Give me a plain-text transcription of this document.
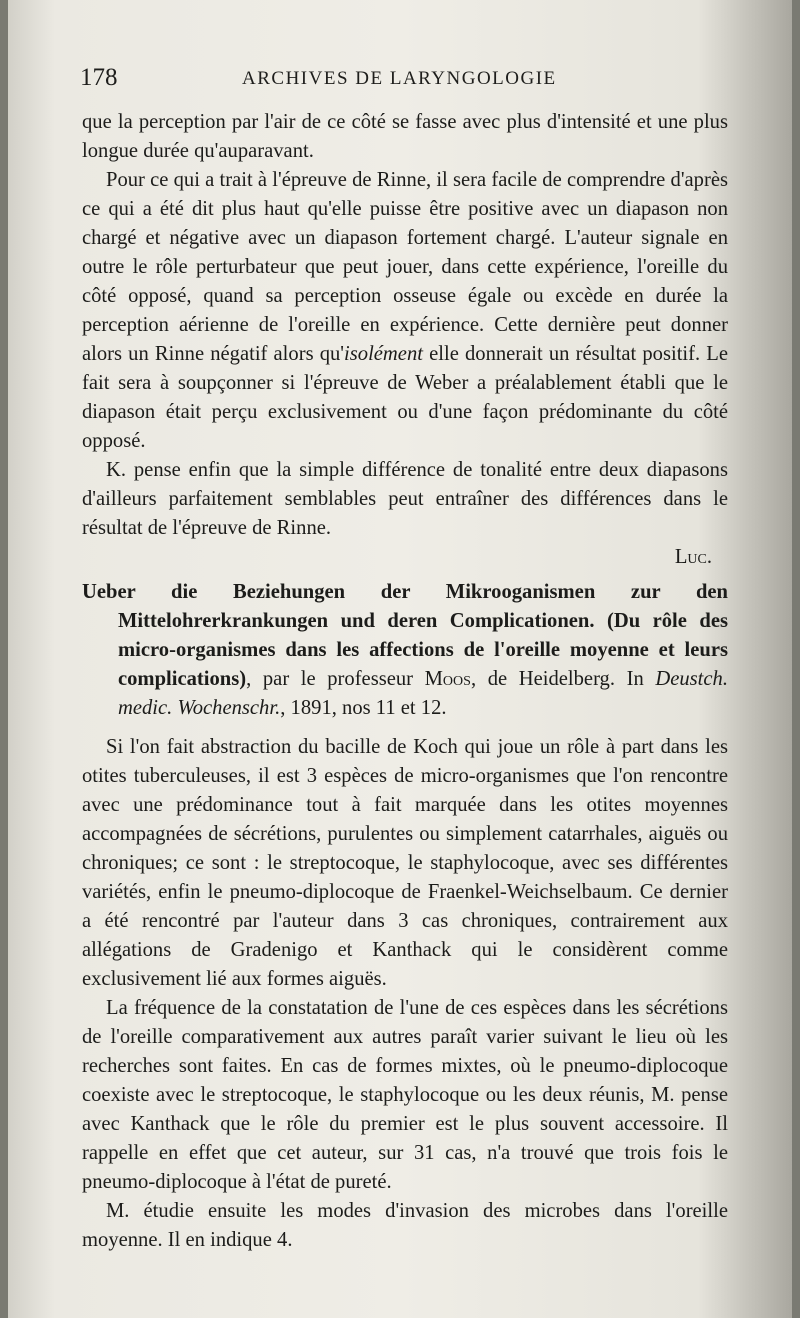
178	ARCHIVES DE LARYNGOLOGIE

que la perception par l'air de ce côté se fasse avec plus d'intensité et une plus longue durée qu'auparavant.

Pour ce qui a trait à l'épreuve de Rinne, il sera facile de comprendre d'après ce qui a été dit plus haut qu'elle puisse être positive avec un diapason non chargé et négative avec un diapason fortement chargé. L'auteur signale en outre le rôle perturbateur que peut jouer, dans cette expérience, l'oreille du côté opposé, quand sa perception osseuse égale ou excède en durée la perception aérienne de l'oreille en expérience. Cette dernière peut donner alors un Rinne négatif alors qu'isolément elle donnerait un résultat positif. Le fait sera à soupçonner si l'épreuve de Weber a préalablement établi que le diapason était perçu exclusivement ou d'une façon prédominante du côté opposé.

K. pense enfin que la simple différence de tonalité entre deux diapasons d'ailleurs parfaitement semblables peut entraîner des différences dans le résultat de l'épreuve de Rinne.

Luc.

Ueber die Beziehungen der Mikrooganismen zur den Mittelohrerkrankungen und deren Complicationen. (Du rôle des micro-organismes dans les affections de l'oreille moyenne et leurs complications), par le professeur Moos, de Heidelberg. In Deustch. medic. Wochenschr., 1891, nos 11 et 12.

Si l'on fait abstraction du bacille de Koch qui joue un rôle à part dans les otites tuberculeuses, il est 3 espèces de micro-organismes que l'on rencontre avec une prédominance tout à fait marquée dans les otites moyennes accompagnées de sécrétions, purulentes ou simplement catarrhales, aiguës ou chroniques; ce sont : le streptocoque, le staphylocoque, avec ses différentes variétés, enfin le pneumo-diplocoque de Fraenkel-Weichselbaum. Ce dernier a été rencontré par l'auteur dans 3 cas chroniques, contrairement aux allégations de Gradenigo et Kanthack qui le considèrent comme exclusivement lié aux formes aiguës.

La fréquence de la constatation de l'une de ces espèces dans les sécrétions de l'oreille comparativement aux autres paraît varier suivant le lieu où les recherches sont faites. En cas de formes mixtes, où le pneumo-diplocoque coexiste avec le streptocoque, le staphylocoque ou les deux réunis, M. pense avec Kanthack que le rôle du premier est le plus souvent accessoire. Il rappelle en effet que cet auteur, sur 31 cas, n'a trouvé que trois fois le pneumo-diplocoque à l'état de pureté.

M. étudie ensuite les modes d'invasion des microbes dans l'oreille moyenne. Il en indique 4.
